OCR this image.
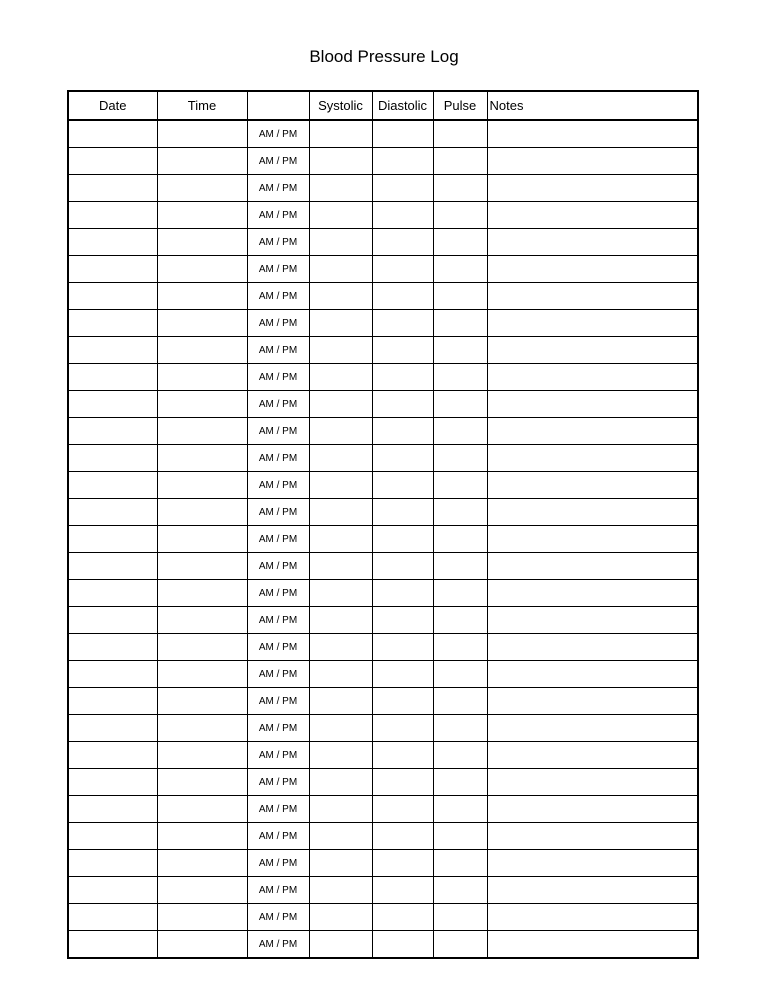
Blood Pressure Log
Date	Time		Systolic	Diastolic	Pulse	Notes
		AM / PM				
		AM / PM				
		AM / PM				
		AM / PM				
		AM / PM				
		AM / PM				
		AM / PM				
		AM / PM				
		AM / PM				
		AM / PM				
		AM / PM				
		AM / PM				
		AM / PM				
		AM / PM				
		AM / PM				
		AM / PM				
		AM / PM				
		AM / PM				
		AM / PM				
		AM / PM				
		AM / PM				
		AM / PM				
		AM / PM				
		AM / PM				
		AM / PM				
		AM / PM				
		AM / PM				
		AM / PM				
		AM / PM				
		AM / PM				
		AM / PM				
